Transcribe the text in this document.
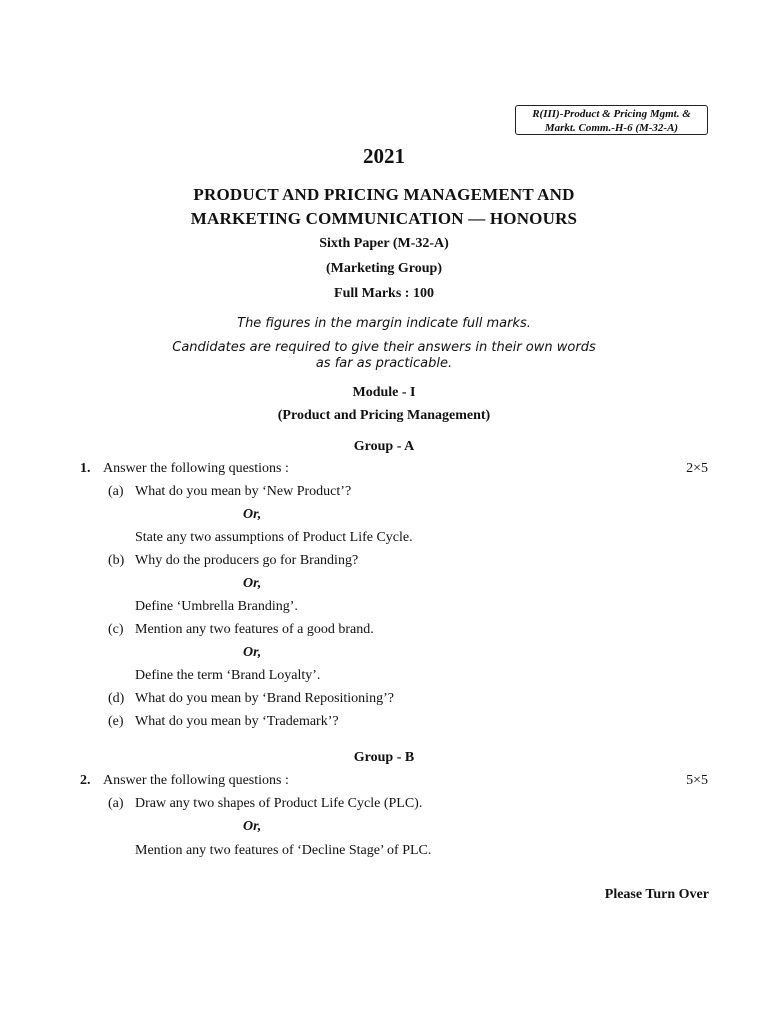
R(III)-Product & Pricing Mgmt. &
Markt. Comm.-H-6 (M-32-A)
2021
PRODUCT AND PRICING MANAGEMENT AND
MARKETING COMMUNICATION — HONOURS
Sixth Paper (M-32-A)
(Marketing Group)
Full Marks : 100
The figures in the margin indicate full marks.
Candidates are required to give their answers in their own words
as far as practicable.
Module - I
(Product and Pricing Management)
Group - A
1. Answer the following questions :	2×5
(a) What do you mean by ‘New Product’?
Or,
State any two assumptions of Product Life Cycle.
(b) Why do the producers go for Branding?
Or,
Define ‘Umbrella Branding’.
(c) Mention any two features of a good brand.
Or,
Define the term ‘Brand Loyalty’.
(d) What do you mean by ‘Brand Repositioning’?
(e) What do you mean by ‘Trademark’?
Group - B
2. Answer the following questions :	5×5
(a) Draw any two shapes of Product Life Cycle (PLC).
Or,
Mention any two features of ‘Decline Stage’ of PLC.
Please Turn Over
